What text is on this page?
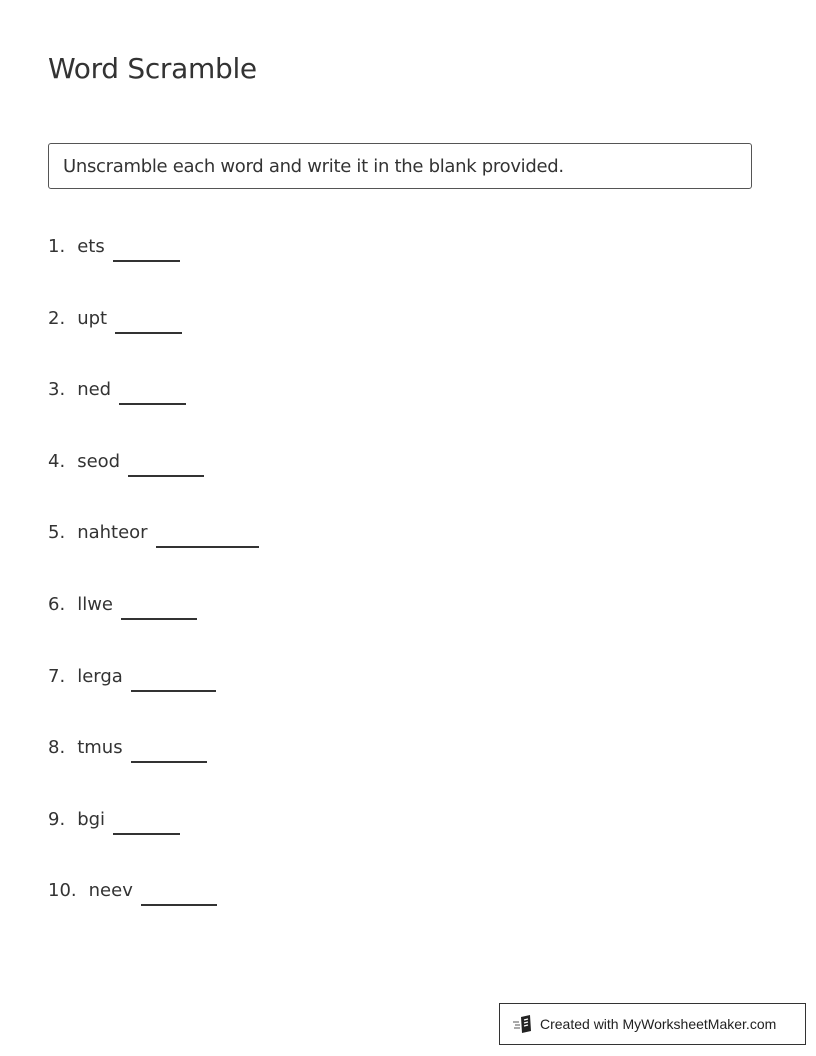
Word Scramble
Unscramble each word and write it in the blank provided.
1. ets
2. upt
3. ned
4. seod
5. nahteor
6. llwe
7. lerga
8. tmus
9. bgi
10. neev
Created with MyWorksheetMaker.com
